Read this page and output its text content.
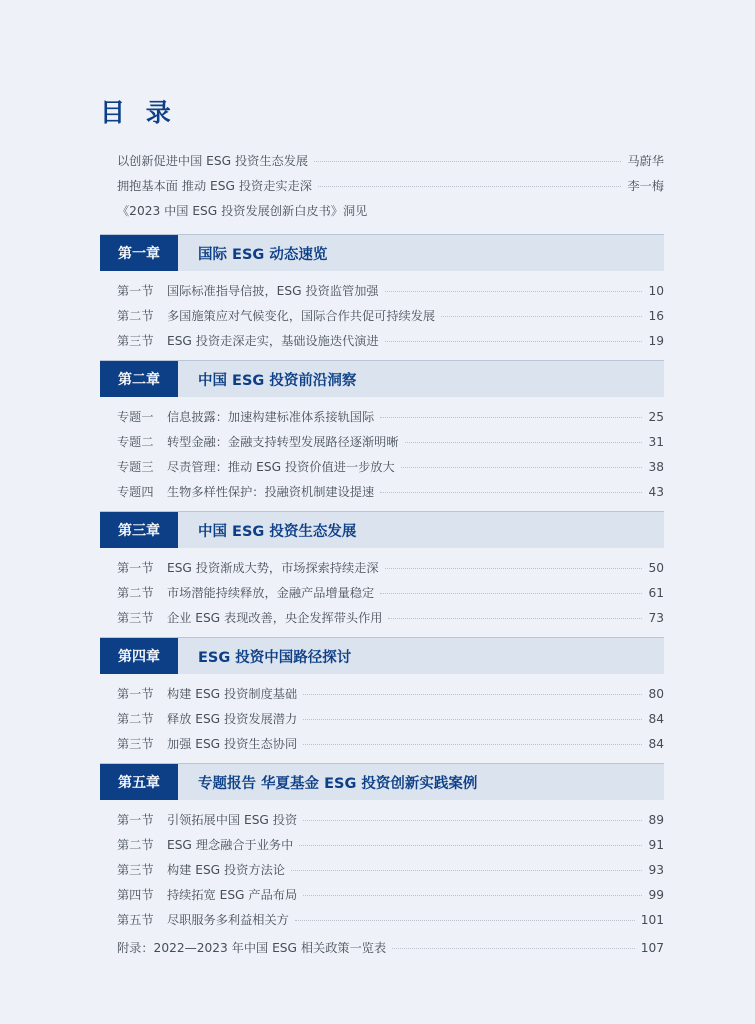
目 录
以创新促进中国 ESG 投资生态发展	马蔚华
拥抱基本面 推动 ESG 投资走实走深	李一梅
《2023 中国 ESG 投资发展创新白皮书》洞见
第一章	国际 ESG 动态速览
第一节	国际标准指导信披，ESG 投资监管加强	10
第二节	多国施策应对气候变化，国际合作共促可持续发展	16
第三节	ESG 投资走深走实，基础设施迭代演进	19
第二章	中国 ESG 投资前沿洞察
专题一	信息披露：加速构建标准体系接轨国际	25
专题二	转型金融：金融支持转型发展路径逐渐明晰	31
专题三	尽责管理：推动 ESG 投资价值进一步放大	38
专题四	生物多样性保护：投融资机制建设提速	43
第三章	中国 ESG 投资生态发展
第一节	ESG 投资渐成大势，市场探索持续走深	50
第二节	市场潜能持续释放，金融产品增量稳定	61
第三节	企业 ESG 表现改善，央企发挥带头作用	73
第四章	ESG 投资中国路径探讨
第一节	构建 ESG 投资制度基础	80
第二节	释放 ESG 投资发展潜力	84
第三节	加强 ESG 投资生态协同	84
第五章	专题报告 华夏基金 ESG 投资创新实践案例
第一节	引领拓展中国 ESG 投资	89
第二节	ESG 理念融合于业务中	91
第三节	构建 ESG 投资方法论	93
第四节	持续拓宽 ESG 产品布局	99
第五节	尽职服务多利益相关方	101
附录：2022—2023 年中国 ESG 相关政策一览表	107
